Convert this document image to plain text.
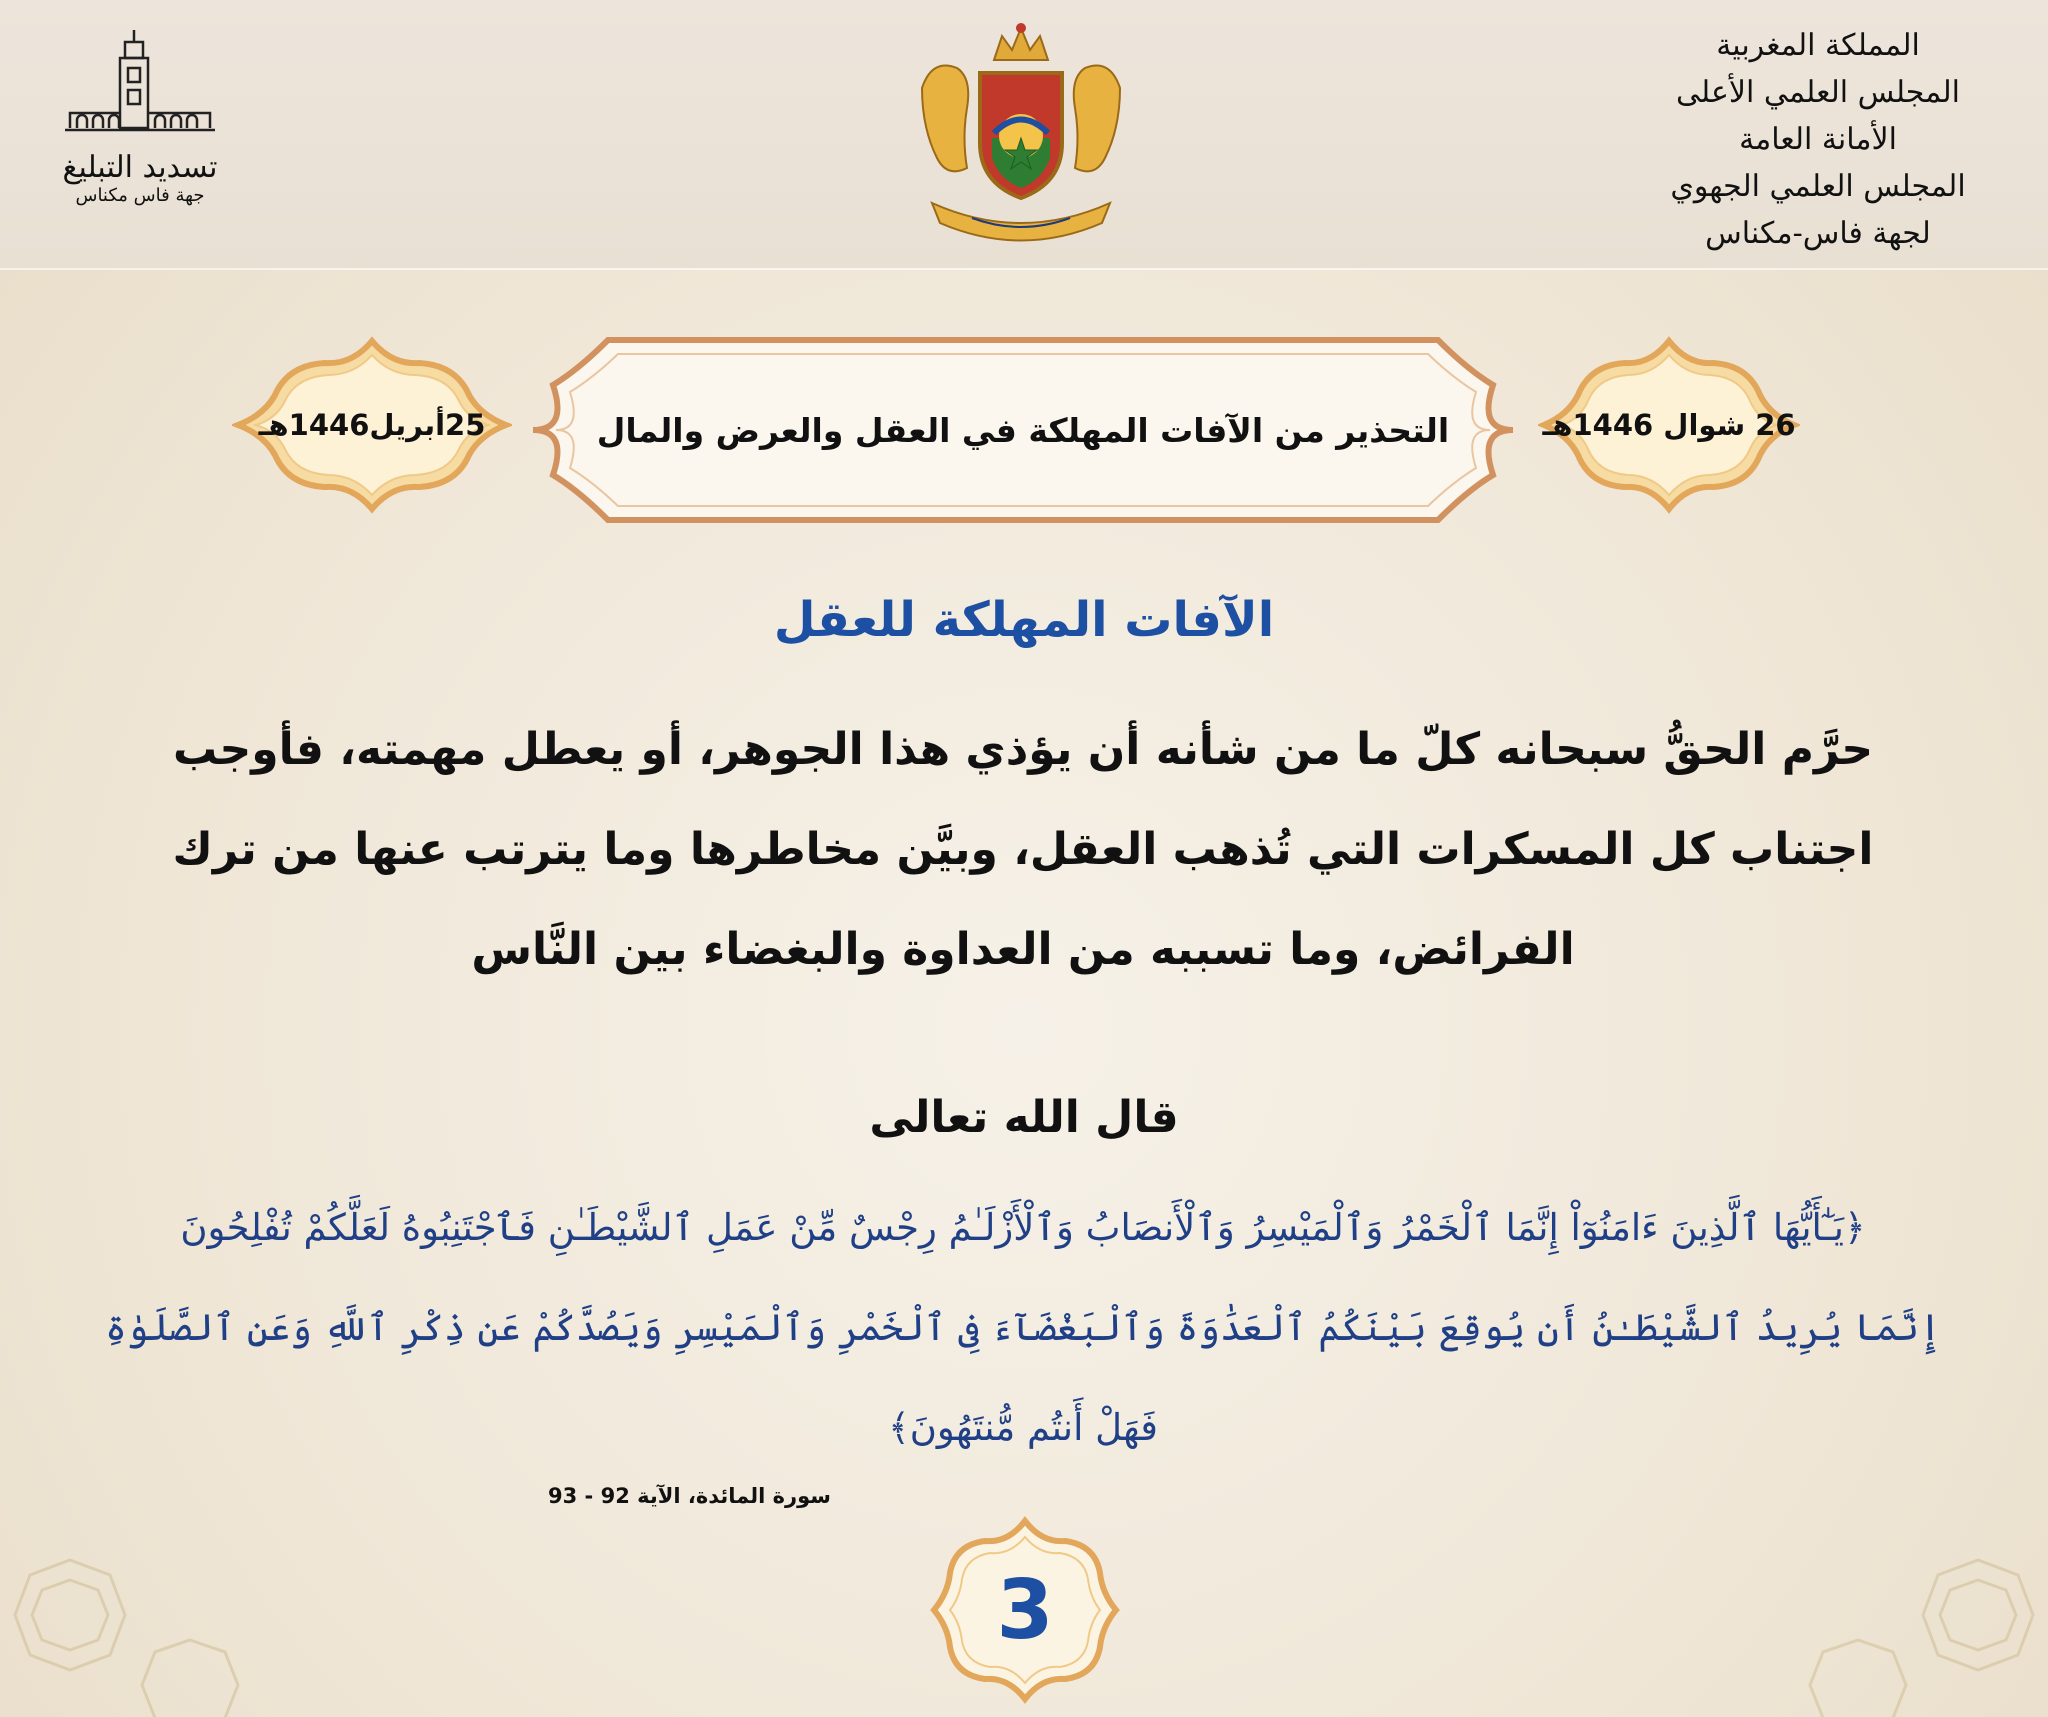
المملكة المغربية
المجلس العلمي الأعلى
الأمانة العامة
المجلس العلمي الجهوي
لجهة فاس-مكناس
تسديد التبليغ
جهة فاس مكناس
26 شوال 1446هـ
التحذير من الآفات المهلكة في العقل والعرض والمال
25أبريل1446هـ
الآفات المهلكة للعقل
حرَّم الحقُّ سبحانه كلّ ما من شأنه أن يؤذي هذا الجوهر، أو يعطل مهمته، فأوجب
اجتناب كل المسكرات التي تُذهب العقل، وبيَّن مخاطرها وما يترتب عنها من ترك
الفرائض، وما تسببه من العداوة والبغضاء بين النَّاس
قال الله تعالى
﴿يَـٰٓأَيُّهَا ٱلَّذِينَ ءَامَنُوٓاْ إِنَّمَا ٱلْخَمْرُ وَٱلْمَيْسِرُ وَٱلْأَنصَابُ وَٱلْأَزْلَـٰمُ رِجْسٌ مِّنْ عَمَلِ ٱلشَّيْطَـٰنِ فَٱجْتَنِبُوهُ لَعَلَّكُمْ تُفْلِحُونَ
إِنَّمَا يُرِيدُ ٱلشَّيْطَـٰنُ أَن يُوقِعَ بَيْنَكُمُ ٱلْعَدَٰوَةَ وَٱلْبَغْضَآءَ فِى ٱلْخَمْرِ وَٱلْمَيْسِرِ وَيَصُدَّكُمْ عَن ذِكْرِ ٱللَّهِ وَعَنِ ٱلصَّلَوٰةِ
فَهَلْ أَنتُم مُّنتَهُونَ﴾
سورة المائدة، الآية 92 - 93
3
